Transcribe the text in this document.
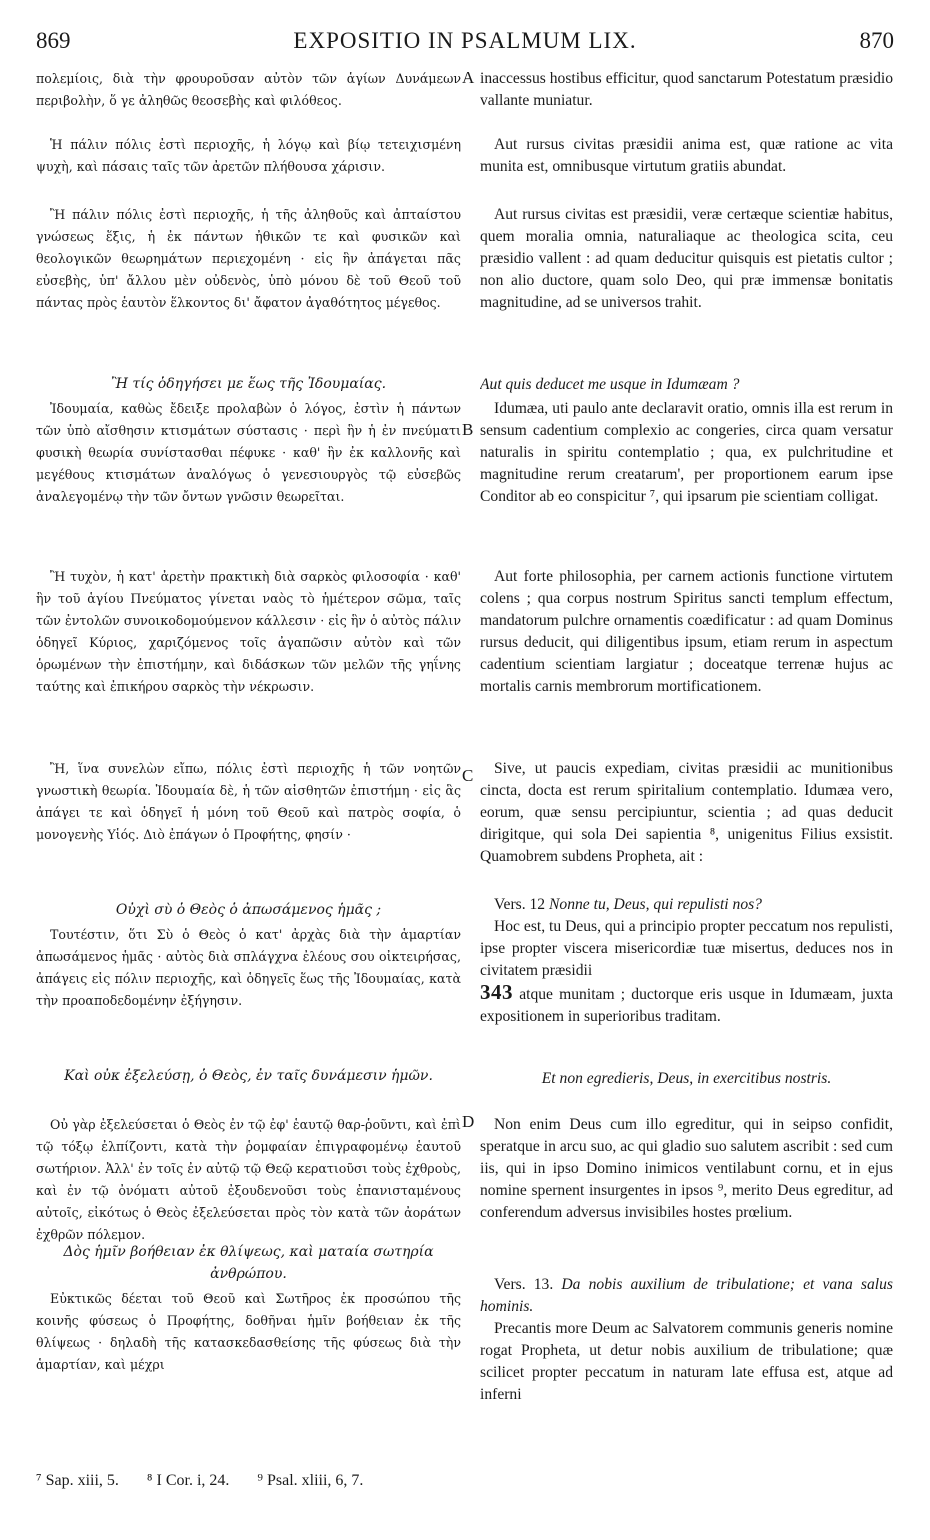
869	EXPOSITIO IN PSALMUM LIX.	870

πολεμίοις, διὰ τὴν φρουροῦσαν αὐτὸν τῶν ἁγίων Δυνάμεων περιβολὴν, ὅ γε ἀληθῶς θεοσεβὴς καὶ φιλόθεος.

Ἡ πάλιν πόλις ἐστὶ περιοχῆς, ἡ λόγῳ καὶ βίῳ τετειχισμένη ψυχὴ, καὶ πάσαις ταῖς τῶν ἀρετῶν πλήθουσα χάρισιν.

Ἢ πάλιν πόλις ἐστὶ περιοχῆς, ἡ τῆς ἀληθοῦς καὶ ἀπταίστου γνώσεως ἕξις, ἡ ἐκ πάντων ἠθικῶν τε καὶ φυσικῶν καὶ θεολογικῶν θεωρημάτων περιεχομένη · εἰς ἣν ἀπάγεται πᾶς εὐσεβὴς, ὑπ' ἄλλου μὲν οὐδενὸς, ὑπὸ μόνου δὲ τοῦ Θεοῦ τοῦ πάντας πρὸς ἑαυτὸν ἕλκοντος δι' ἄφατον ἀγαθότητος μέγεθος.

Ἢ τίς ὁδηγήσει με ἕως τῆς Ἰδουμαίας.

Ἰδουμαία, καθὼς ἔδειξε προλαβὼν ὁ λόγος, ἐστὶν ἡ πάντων τῶν ὑπὸ αἴσθησιν κτισμάτων σύστασις · περὶ ἣν ἡ ἐν πνεύματι φυσικὴ θεωρία συνίστασθαι πέφυκε · καθ' ἣν ἐκ καλλονῆς καὶ μεγέθους κτισμάτων ἀναλόγως ὁ γενεσιουργὸς τῷ εὐσεβῶς ἀναλεγομένῳ τὴν τῶν ὄντων γνῶσιν θεωρεῖται.

Ἢ τυχὸν, ἡ κατ' ἀρετὴν πρακτικὴ διὰ σαρκὸς φιλοσοφία · καθ' ἣν τοῦ ἁγίου Πνεύματος γίνεται ναὸς τὸ ἡμέτερον σῶμα, ταῖς τῶν ἐντολῶν συνοικοδομούμενον κάλλεσιν · εἰς ἣν ὁ αὐτὸς πάλιν ὁδηγεῖ Κύριος, χαριζόμενος τοῖς ἀγαπῶσιν αὐτὸν καὶ τῶν ὁρωμένων τὴν ἐπιστήμην, καὶ διδάσκων τῶν μελῶν τῆς γηΐνης ταύτης καὶ ἐπικήρου σαρκὸς τὴν νέκρωσιν.

Ἢ, ἵνα συνελὼν εἴπω, πόλις ἐστὶ περιοχῆς ἡ τῶν νοητῶν γνωστικὴ θεωρία. Ἰδουμαία δὲ, ἡ τῶν αἰσθητῶν ἐπιστήμη · εἰς ἃς ἀπάγει τε καὶ ὁδηγεῖ ἡ μόνη τοῦ Θεοῦ καὶ πατρὸς σοφία, ὁ μονογενὴς Υἱός. Διὸ ἐπάγων ὁ Προφήτης, φησίν ·

Οὐχὶ σὺ ὁ Θεὸς ὁ ἀπωσάμενος ἡμᾶς ;

Τουτέστιν, ὅτι Σὺ ὁ Θεὸς ὁ κατ' ἀρχὰς διὰ τὴν ἁμαρτίαν ἀπωσάμενος ἡμᾶς · αὐτὸς διὰ σπλάγχνα ἐλέους σου οἰκτειρήσας, ἀπάγεις εἰς πόλιν περιοχῆς, καὶ ὁδηγεῖς ἕως τῆς Ἰδουμαίας, κατὰ τὴν προαποδεδομένην ἐξήγησιν.

Καὶ οὐκ ἐξελεύσῃ, ὁ Θεὸς, ἐν ταῖς δυνάμεσιν ἡμῶν.

Οὐ γὰρ ἐξελεύσεται ὁ Θεὸς ἐν τῷ ἐφ' ἑαυτῷ θαρ-ῥοῦντι, καὶ ἐπὶ τῷ τόξῳ ἐλπίζοντι, κατὰ τὴν ῥομφαίαν ἐπιγραφομένῳ ἑαυτοῦ σωτήριον. Ἀλλ' ἐν τοῖς ἐν αὐτῷ τῷ Θεῷ κερατιοῦσι τοὺς ἐχθροὺς, καὶ ἐν τῷ ὀνόματι αὐτοῦ ἐξουδενοῦσι τοὺς ἐπανισταμένους αὐτοῖς, εἰκότως ὁ Θεὸς ἐξελεύσεται πρὸς τὸν κατὰ τῶν ἀοράτων ἐχθρῶν πόλεμον.

Δὸς ἡμῖν βοήθειαν ἐκ θλίψεως, καὶ ματαία σωτηρία ἀνθρώπου.

Εὐκτικῶς δέεται τοῦ Θεοῦ καὶ Σωτῆρος ἐκ προσώπου τῆς κοινῆς φύσεως ὁ Προφήτης, δοθῆναι ἡμῖν βοήθειαν ἐκ τῆς θλίψεως · δηλαδὴ τῆς κατασκεδασθείσης τῆς φύσεως διὰ τὴν ἁμαρτίαν, καὶ μέχρι

A
B
C
D

inaccessus hostibus efficitur, quod sanctarum Potestatum præsidio vallante muniatur.

Aut rursus civitas præsidii anima est, quæ ratione ac vita munita est, omnibusque virtutum gratiis abundat.

Aut rursus civitas est præsidii, veræ certæque scientiæ habitus, quem moralia omnia, naturaliaque ac theologica scita, ceu præsidio vallent : ad quam deducitur quisquis est pietatis cultor ; non alio ductore, quam solo Deo, qui præ immensæ bonitatis magnitudine, ad se universos trahit.

Aut quis deducet me usque in Idumæam ?

Idumæa, uti paulo ante declaravit oratio, omnis illa est rerum in sensum cadentium complexio ac congeries, circa quam versatur naturalis in spiritu contemplatio ; qua, ex pulchritudine et magnitudine rerum creatarum', per proportionem earum ipse Conditor ab eo conspicitur ⁷, qui ipsarum pie scientiam colligat.

Aut forte philosophia, per carnem actionis functione virtutem colens ; qua corpus nostrum Spiritus sancti templum effectum, mandatorum pulchre ornamentis coædificatur : ad quam Dominus rursus deducit, qui diligentibus ipsum, etiam rerum in aspectum cadentium scientiam largiatur ; doceatque terrenæ hujus ac mortalis carnis membrorum mortificationem.

Sive, ut paucis expediam, civitas præsidii ac munitionibus cincta, docta est rerum spiritalium contemplatio. Idumæa vero, eorum, quæ sensu percipiuntur, scientia ; ad quas deducit dirigitque, qui sola Dei sapientia ⁸, unigenitus Filius exsistit. Quamobrem subdens Propheta, ait :

Vers. 12 Nonne tu, Deus, qui repulisti nos?

Hoc est, tu Deus, qui a principio propter peccatum nos repulisti, ipse propter viscera misericordiæ tuæ misertus, deduces nos in civitatem præsidii

343 atque munitam ; ductorque eris usque in Idumæam, juxta expositionem in superioribus traditam.

Et non egredieris, Deus, in exercitibus nostris.

Non enim Deus cum illo egreditur, qui in seipso confidit, speratque in arcu suo, ac qui gladio suo salutem ascribit : sed cum iis, qui in ipso Domino inimicos ventilabunt cornu, et in ejus nomine spernent insurgentes in ipsos ⁹, merito Deus egreditur, ad conferendum adversus invisibiles hostes prœlium.

Vers. 13. Da nobis auxilium de tribulatione; et vana salus hominis.

Precantis more Deum ac Salvatorem communis generis nomine rogat Propheta, ut detur nobis auxilium de tribulatione; quæ scilicet propter peccatum in naturam late effusa est, atque ad inferni

⁷ Sap. xiii, 5. ⁸ I Cor. i, 24. ⁹ Psal. xliii, 6, 7.
